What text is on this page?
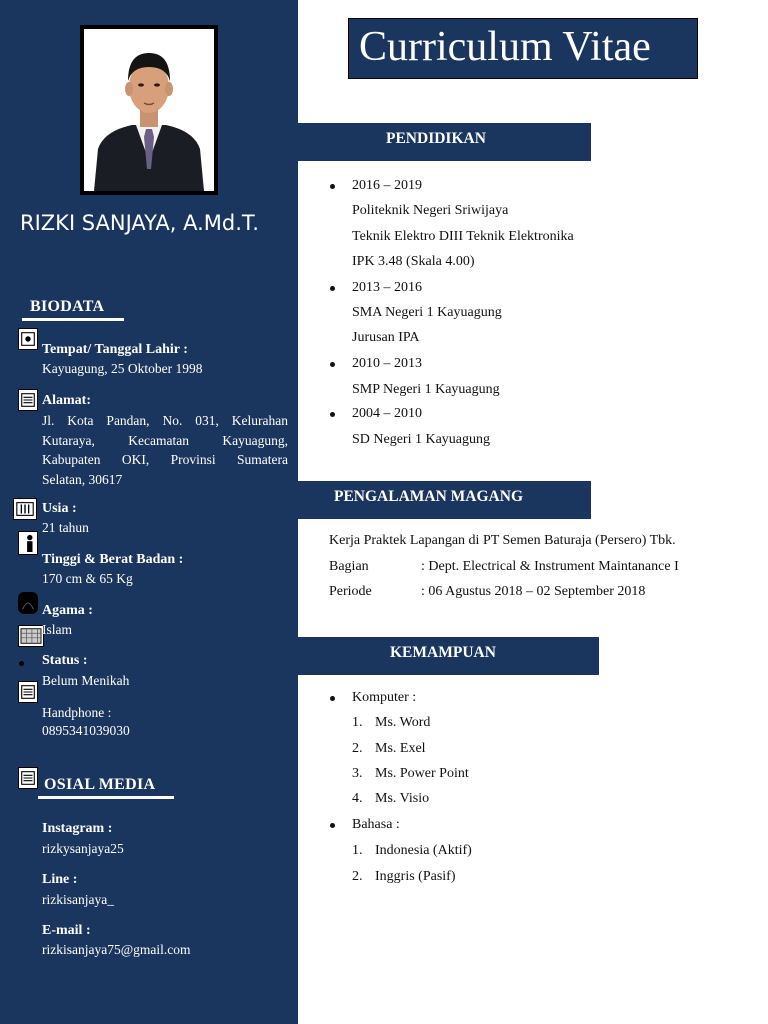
RIZKI SANJAYA, A.Md.T.
BIODATA
Tempat/ Tanggal Lahir :
Kayuagung, 25 Oktober 1998
Alamat:
Jl. Kota Pandan, No. 031, Kelurahan
Kutaraya, Kecamatan Kayuagung,
Kabupaten OKI, Provinsi Sumatera
Selatan, 30617
Usia :
21 tahun
Tinggi & Berat Badan :
170 cm & 65 Kg
Agama :
Islam
Status :
Belum Menikah
Handphone :
0895341039030
OSIAL MEDIA
Instagram :
rizkysanjaya25
Line :
rizkisanjaya_
E-mail :
rizkisanjaya75@gmail.com
Curriculum Vitae
PENDIDIKAN
2016 – 2019
Politeknik Negeri Sriwijaya
Teknik Elektro DIII Teknik Elektronika
IPK 3.48 (Skala 4.00)
2013 – 2016
SMA Negeri 1 Kayuagung
Jurusan IPA
2010 – 2013
SMP Negeri 1 Kayuagung
2004 – 2010
SD Negeri 1 Kayuagung
PENGALAMAN MAGANG
Kerja Praktek Lapangan di PT Semen Baturaja (Persero) Tbk.
Bagian	: Dept. Electrical & Instrument Maintanance I
Periode	: 06 Agustus 2018 – 02 September 2018
KEMAMPUAN
Komputer :
1. Ms. Word
2. Ms. Exel
3. Ms. Power Point
4. Ms. Visio
Bahasa :
1. Indonesia (Aktif)
2. Inggris (Pasif)
